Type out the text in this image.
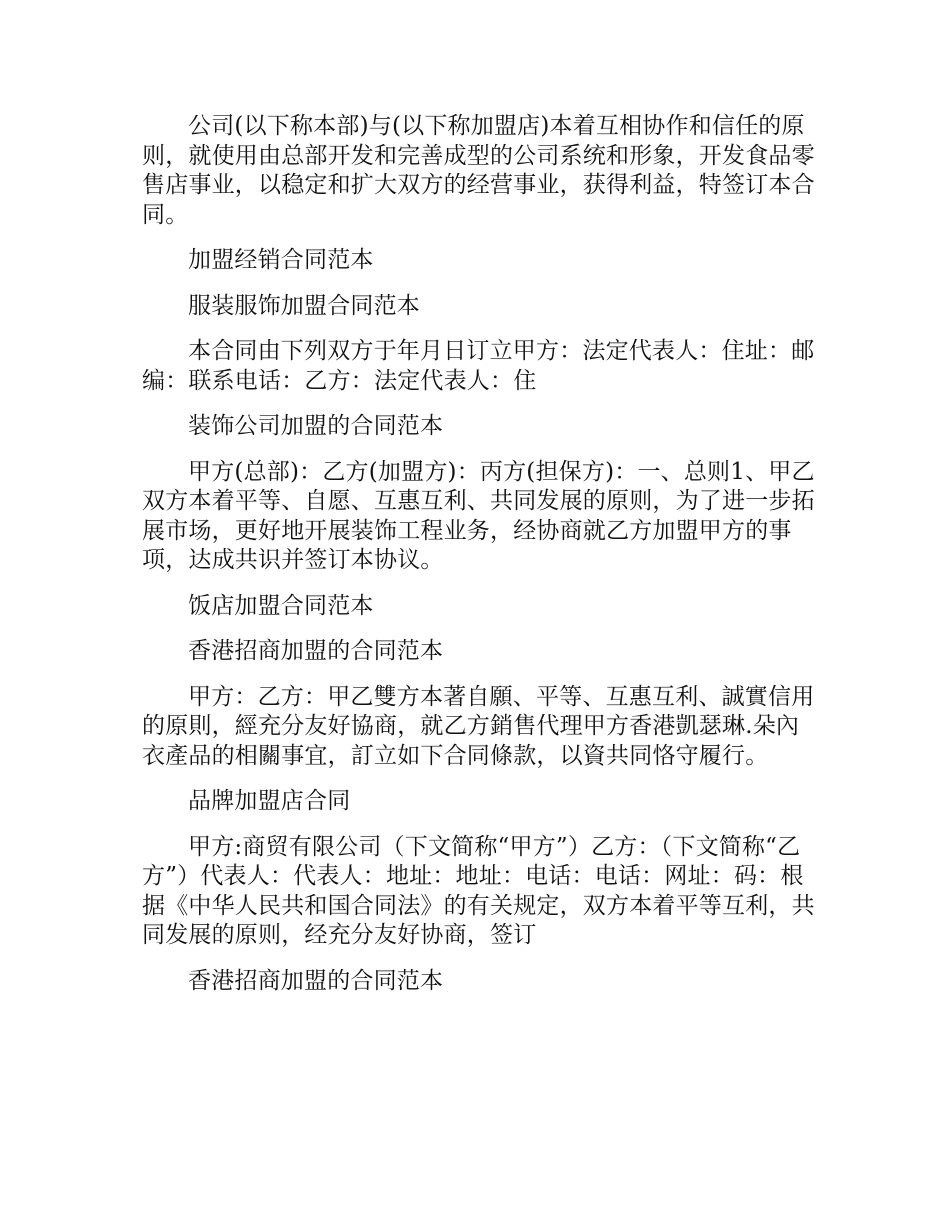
公司(以下称本部)与(以下称加盟店)本着互相协作和信任的原则，就使用由总部开发和完善成型的公司系统和形象，开发食品零售店事业，以稳定和扩大双方的经营事业，获得利益，特签订本合同。

加盟经销合同范本

服装服饰加盟合同范本

本合同由下列双方于年月日订立甲方：法定代表人：住址：邮编：联系电话：乙方：法定代表人：住

装饰公司加盟的合同范本

甲方(总部)：乙方(加盟方)：丙方(担保方)：一、总则1、甲乙双方本着平等、自愿、互惠互利、共同发展的原则，为了进一步拓展市场，更好地开展装饰工程业务，经协商就乙方加盟甲方的事项，达成共识并签订本协议。

饭店加盟合同范本

香港招商加盟的合同范本

甲方：乙方：甲乙雙方本著自願、平等、互惠互利、誠實信用的原則，經充分友好協商，就乙方銷售代理甲方香港凱瑟琳.朵內衣產品的相關事宜，訂立如下合同條款，以資共同恪守履行。

品牌加盟店合同

甲方:商贸有限公司（下文简称“甲方”）乙方：（下文简称“乙方”）代表人：代表人：地址：地址：电话：电话：网址：码：根据《中华人民共和国合同法》的有关规定，双方本着平等互利，共同发展的原则，经充分友好协商，签订

香港招商加盟的合同范本
